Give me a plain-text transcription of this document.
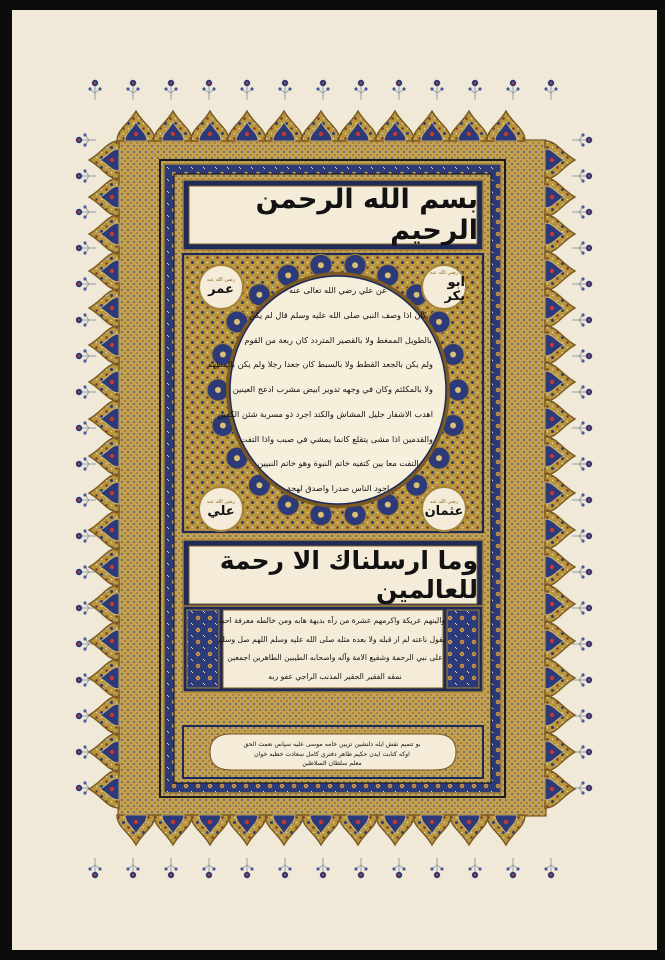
بسم الله الرحمن الرحيم
عن علي رضي الله تعالى عنه
كان اذا وصف النبي صلى الله عليه وسلم قال لم يكن
بالطويل الممغط ولا بالقصير المتردد كان ربعة من القوم
ولم يكن بالجعد القطط ولا بالسبط كان جعدا رجلا ولم يكن بالمطهم
ولا بالمكلثم وكان في وجهه تدوير ابيض مشرب ادعج العينين
اهدب الاشفار جليل المشاش والكتد اجرد ذو مسربة شثن الكفين
والقدمين اذا مشى يتقلع كانما يمشي في صبب واذا التفت
التفت معا بين كتفيه خاتم النبوة وهو خاتم النبيين
اجود الناس صدرا واصدق لهجة
رضي الله عنه
عمر
رضي الله عنه
ابو بكر
رضي الله عنه
علي
رضي الله عنه
عثمان
وما ارسلناك الا رحمة للعالمين
والينهم عريكة واكرمهم عشرة من رآه بديهة هابه ومن خالطه معرفة احبه
يقول ناعته لم ار قبله ولا بعده مثله صلى الله عليه وسلم اللهم صل وسلم
على نبي الرحمة وشفيع الامة وآله واصحابه الطيبين الطاهرين اجمعين
نمقه الفقير الحقير المذنب الراجي عفو ربه
بو تتميم نقش ايله دلنشين تزيين خامه موسى عليه سپاس نعمت الحق
اوكه كتابت ايدن حكيم طاهر دفتري كامل سعادت خطبه خوان
معلم سلطان السلاطين
